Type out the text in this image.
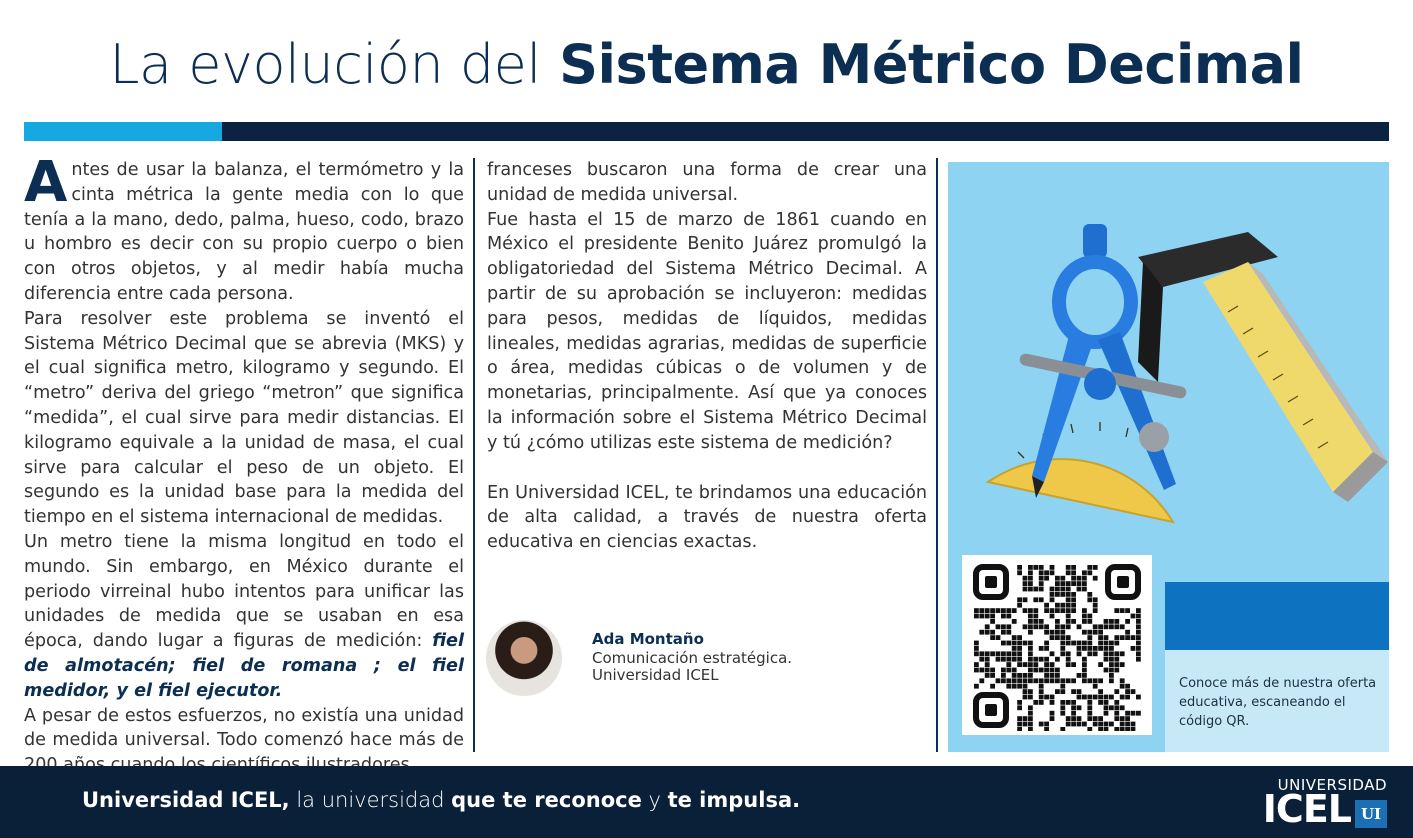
La evolución del Sistema Métrico Decimal

Antes de usar la balanza, el termómetro y la cinta métrica la gente media con lo que tenía a la mano, dedo, palma, hueso, codo, brazo u hombro es decir con su propio cuerpo o bien con otros objetos, y al medir había mucha diferencia entre cada persona.

Para resolver este problema se inventó el Sistema Métrico Decimal que se abrevia (MKS) y el cual significa metro, kilogramo y segundo. El “metro” deriva del griego “metron” que significa “medida”, el cual sirve para medir distancias. El kilogramo equivale a la unidad de masa, el cual sirve para calcular el peso de un objeto. El segundo es la unidad base para la medida del tiempo en el sistema internacional de medidas.

Un metro tiene la misma longitud en todo el mundo. Sin embargo, en México durante el periodo virreinal hubo intentos para unificar las unidades de medida que se usaban en esa época, dando lugar a figuras de medición: fiel de almotacén; fiel de romana ; el fiel medidor, y el fiel ejecutor.

A pesar de estos esfuerzos, no existía una unidad de medida universal. Todo comenzó hace más de

franceses buscaron una forma de crear una unidad de medida universal.

Fue hasta el 15 de marzo de 1861 cuando en México el presidente Benito Juárez promulgó la obligatoriedad del Sistema Métrico Decimal. A partir de su aprobación se incluyeron: medidas para pesos, medidas de líquidos, medidas lineales, medidas agrarias, medidas de superficie o área, medidas cúbicas o de volumen y de monetarias, principalmente. Así que ya conoces la información sobre el Sistema Métrico Decimal y tú ¿cómo utilizas este sistema de medición?

En Universidad ICEL, te brindamos una educación de alta calidad, a través de nuestra oferta educativa en ciencias exactas.

Ada Montaño
Comunicación estratégica.
Universidad ICEL	Conoce más de nuestra oferta educativa, escaneando el código QR.
Universidad ICEL, la universidad que te reconoce y te impulsa.
UNIVERSIDAD
ICEL UI
